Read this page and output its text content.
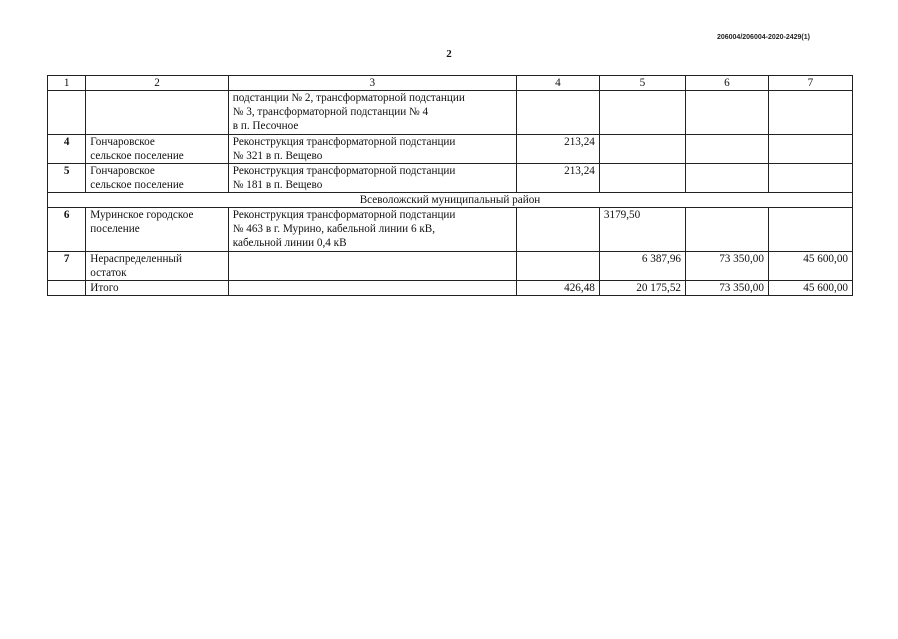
206004/206004-2020-2429(1)
2
1	2	3	4	5	6	7
		подстанции № 2, трансформаторной подстанции
№ 3, трансформаторной подстанции № 4
в п. Песочное				
4	Гончаровское
сельское поселение	Реконструкция трансформаторной подстанции
№ 321 в п. Вещево	213,24			
5	Гончаровское
сельское поселение	Реконструкция трансформаторной подстанции
№ 181 в п. Вещево	213,24			
Всеволожский муниципальный район						
6	Муринское городское
поселение	Реконструкция трансформаторной подстанции
№ 463 в г. Мурино, кабельной линии 6 кВ,
кабельной линии 0,4 кВ		3179,50		
7	Нераспределенный
остаток			6 387,96	73 350,00	45 600,00
	Итого		426,48	20 175,52	73 350,00	45 600,00
